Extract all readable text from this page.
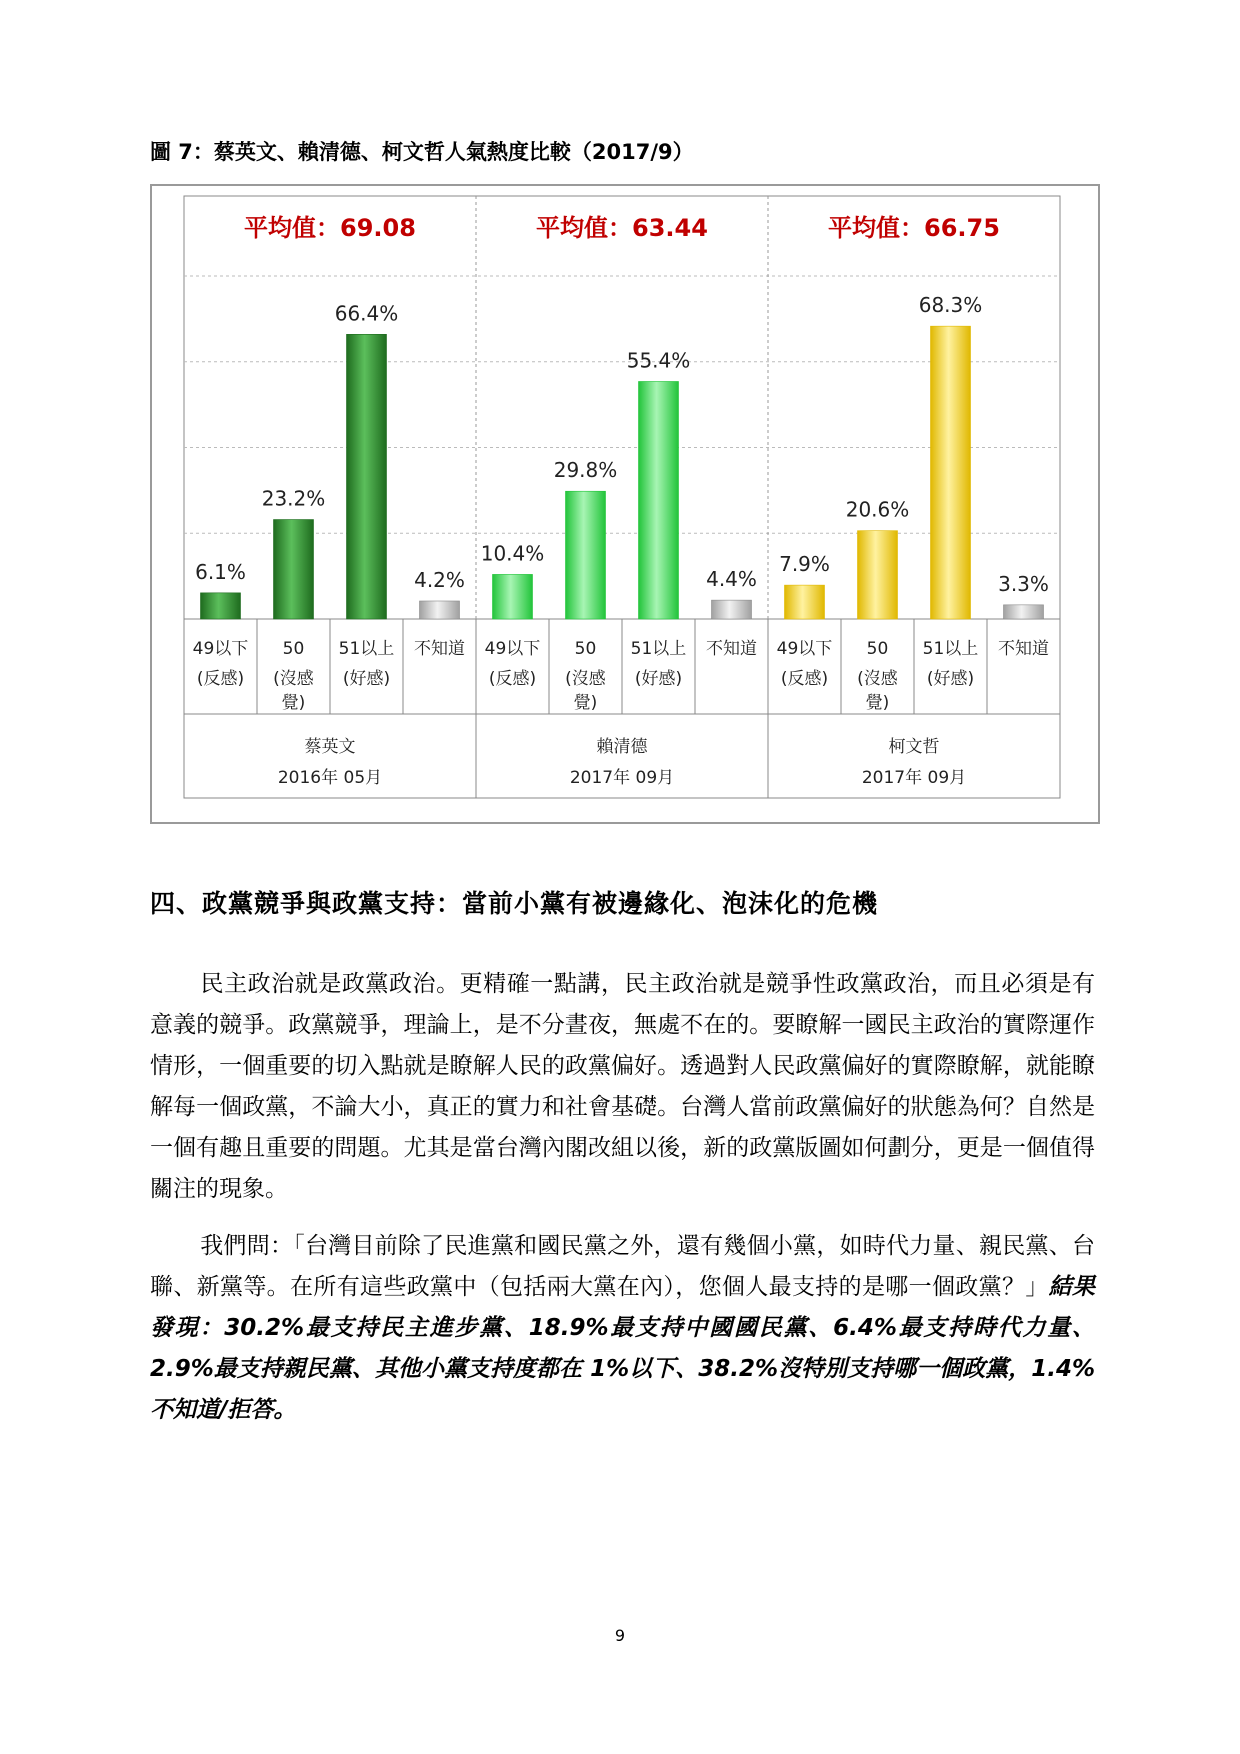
圖 7：蔡英文、賴清德、柯文哲人氣熱度比較（2017/9）
平均值：69.08
6.1%
49以下
(反感)
23.2%
50
(沒感
覺)
66.4%
51以上
(好感)
4.2%
不知道
蔡英文
2016年 05月
平均值：63.44
10.4%
49以下
(反感)
29.8%
50
(沒感
覺)
55.4%
51以上
(好感)
4.4%
不知道
賴清德
2017年 09月
平均值：66.75
7.9%
49以下
(反感)
20.6%
50
(沒感
覺)
68.3%
51以上
(好感)
3.3%
不知道
柯文哲
2017年 09月
四、政黨競爭與政黨支持：當前小黨有被邊緣化、泡沫化的危機

民主政治就是政黨政治。更精確一點講，民主政治就是競爭性政黨政治，而且必須是有意義的競爭。政黨競爭，理論上，是不分晝夜，無處不在的。要瞭解一國民主政治的實際運作情形，一個重要的切入點就是瞭解人民的政黨偏好。透過對人民政黨偏好的實際瞭解，就能瞭解每一個政黨，不論大小，真正的實力和社會基礎。台灣人當前政黨偏好的狀態為何？自然是一個有趣且重要的問題。尤其是當台灣內閣改組以後，新的政黨版圖如何劃分，更是一個值得關注的現象。

我們問：「台灣目前除了民進黨和國民黨之外，還有幾個小黨，如時代力量、親民黨、台聯、新黨等。在所有這些政黨中（包括兩大黨在內），您個人最支持的是哪一個政黨？」結果發現：30.2%最支持民主進步黨、18.9%最支持中國國民黨、6.4%最支持時代力量、2.9%最支持親民黨、其他小黨支持度都在 1%以下、38.2%沒特別支持哪一個政黨，1.4%不知道/拒答。

9
